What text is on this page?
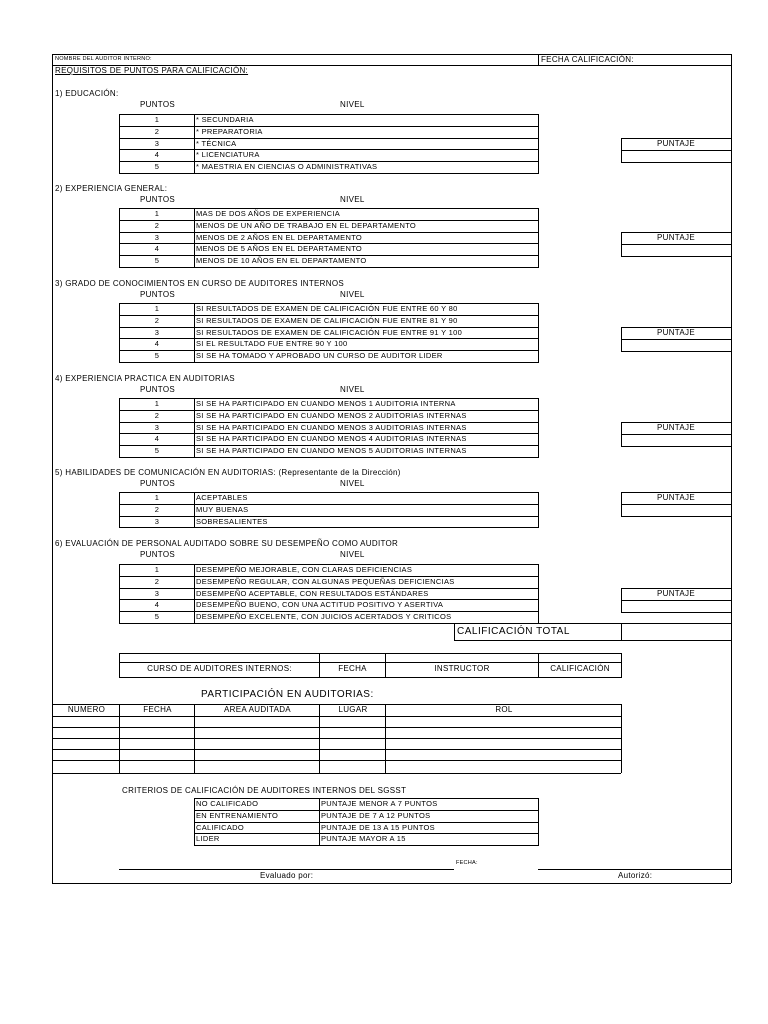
NOMBRE DEL AUDITOR INTERNO:	FECHA CALIFICACIÓN:
REQUISITOS DE PUNTOS PARA CALIFICACIÓN:
1) EDUCACIÓN:
PUNTOS	NIVEL
1	* SECUNDARIA
2	* PREPARATORIA
3	* TÉCNICA
4	* LICENCIATURA
5	* MAESTRIA EN CIENCIAS O ADMINISTRATIVAS
PUNTAJE
2) EXPERIENCIA GENERAL:
PUNTOS	NIVEL
1	MAS DE DOS AÑOS DE EXPERIENCIA
2	MENOS DE UN AÑO DE TRABAJO EN EL DEPARTAMENTO
3	MENOS DE 2 AÑOS EN EL DEPARTAMENTO
4	MENOS DE 5 AÑOS EN EL DEPARTAMENTO
5	MENOS DE 10 AÑOS EN EL DEPARTAMENTO
PUNTAJE
3) GRADO DE CONOCIMIENTOS EN CURSO DE AUDITORES INTERNOS
PUNTOS	NIVEL
1	SI RESULTADOS DE EXAMEN DE CALIFICACIÓN FUE ENTRE 60 Y 80
2	SI RESULTADOS DE EXAMEN DE CALIFICACIÓN FUE ENTRE 81 Y 90
3	SI RESULTADOS DE EXAMEN DE CALIFICACIÓN FUE ENTRE 91 Y 100
4	SI EL RESULTADO FUE ENTRE 90 Y 100
5	SI SE HA TOMADO Y APROBADO UN CURSO DE AUDITOR LIDER
PUNTAJE
4) EXPERIENCIA PRACTICA EN AUDITORIAS
PUNTOS	NIVEL
1	SI SE HA PARTICIPADO EN CUANDO MENOS 1 AUDITORIA INTERNA
2	SI SE HA PARTICIPADO EN CUANDO MENOS 2 AUDITORIAS INTERNAS
3	SI SE HA PARTICIPADO EN CUANDO MENOS 3 AUDITORIAS INTERNAS
4	SI SE HA PARTICIPADO EN CUANDO MENOS 4 AUDITORIAS INTERNAS
5	SI SE HA PARTICIPADO EN CUANDO MENOS 5 AUDITORIAS INTERNAS
PUNTAJE
5) HABILIDADES DE COMUNICACIÓN EN AUDITORIAS: (Representante de la Dirección)
PUNTOS	NIVEL
1	ACEPTABLES
2	MUY BUENAS
3	SOBRESALIENTES
PUNTAJE
6) EVALUACIÓN DE PERSONAL AUDITADO SOBRE SU DESEMPEÑO COMO AUDITOR
PUNTOS	NIVEL
1	DESEMPEÑO MEJORABLE, CON CLARAS DEFICIENCIAS
2	DESEMPEÑO REGULAR, CON ALGUNAS PEQUEÑAS DEFICIENCIAS
3	DESEMPEÑO ACEPTABLE, CON RESULTADOS ESTÁNDARES
4	DESEMPEÑO BUENO, CON UNA ACTITUD POSITIVO Y ASERTIVA
5	DESEMPEÑO EXCELENTE, CON JUICIOS ACERTADOS Y CRITICOS
PUNTAJE
CALIFICACIÓN TOTAL
CURSO DE AUDITORES INTERNOS:	FECHA	INSTRUCTOR	CALIFICACIÓN
PARTICIPACIÓN EN AUDITORIAS:
NUMERO	FECHA	AREA AUDITADA	LUGAR	ROL
CRITERIOS DE CALIFICACIÓN DE AUDITORES INTERNOS DEL SGSST
NO CALIFICADO	PUNTAJE MENOR A 7 PUNTOS
EN ENTRENAMIENTO	PUNTAJE DE 7 A 12 PUNTOS
CALIFICADO	PUNTAJE DE 13 A 15 PUNTOS
LIDER	PUNTAJE MAYOR A 15
FECHA:
Evaluado por:	Autorizó:
